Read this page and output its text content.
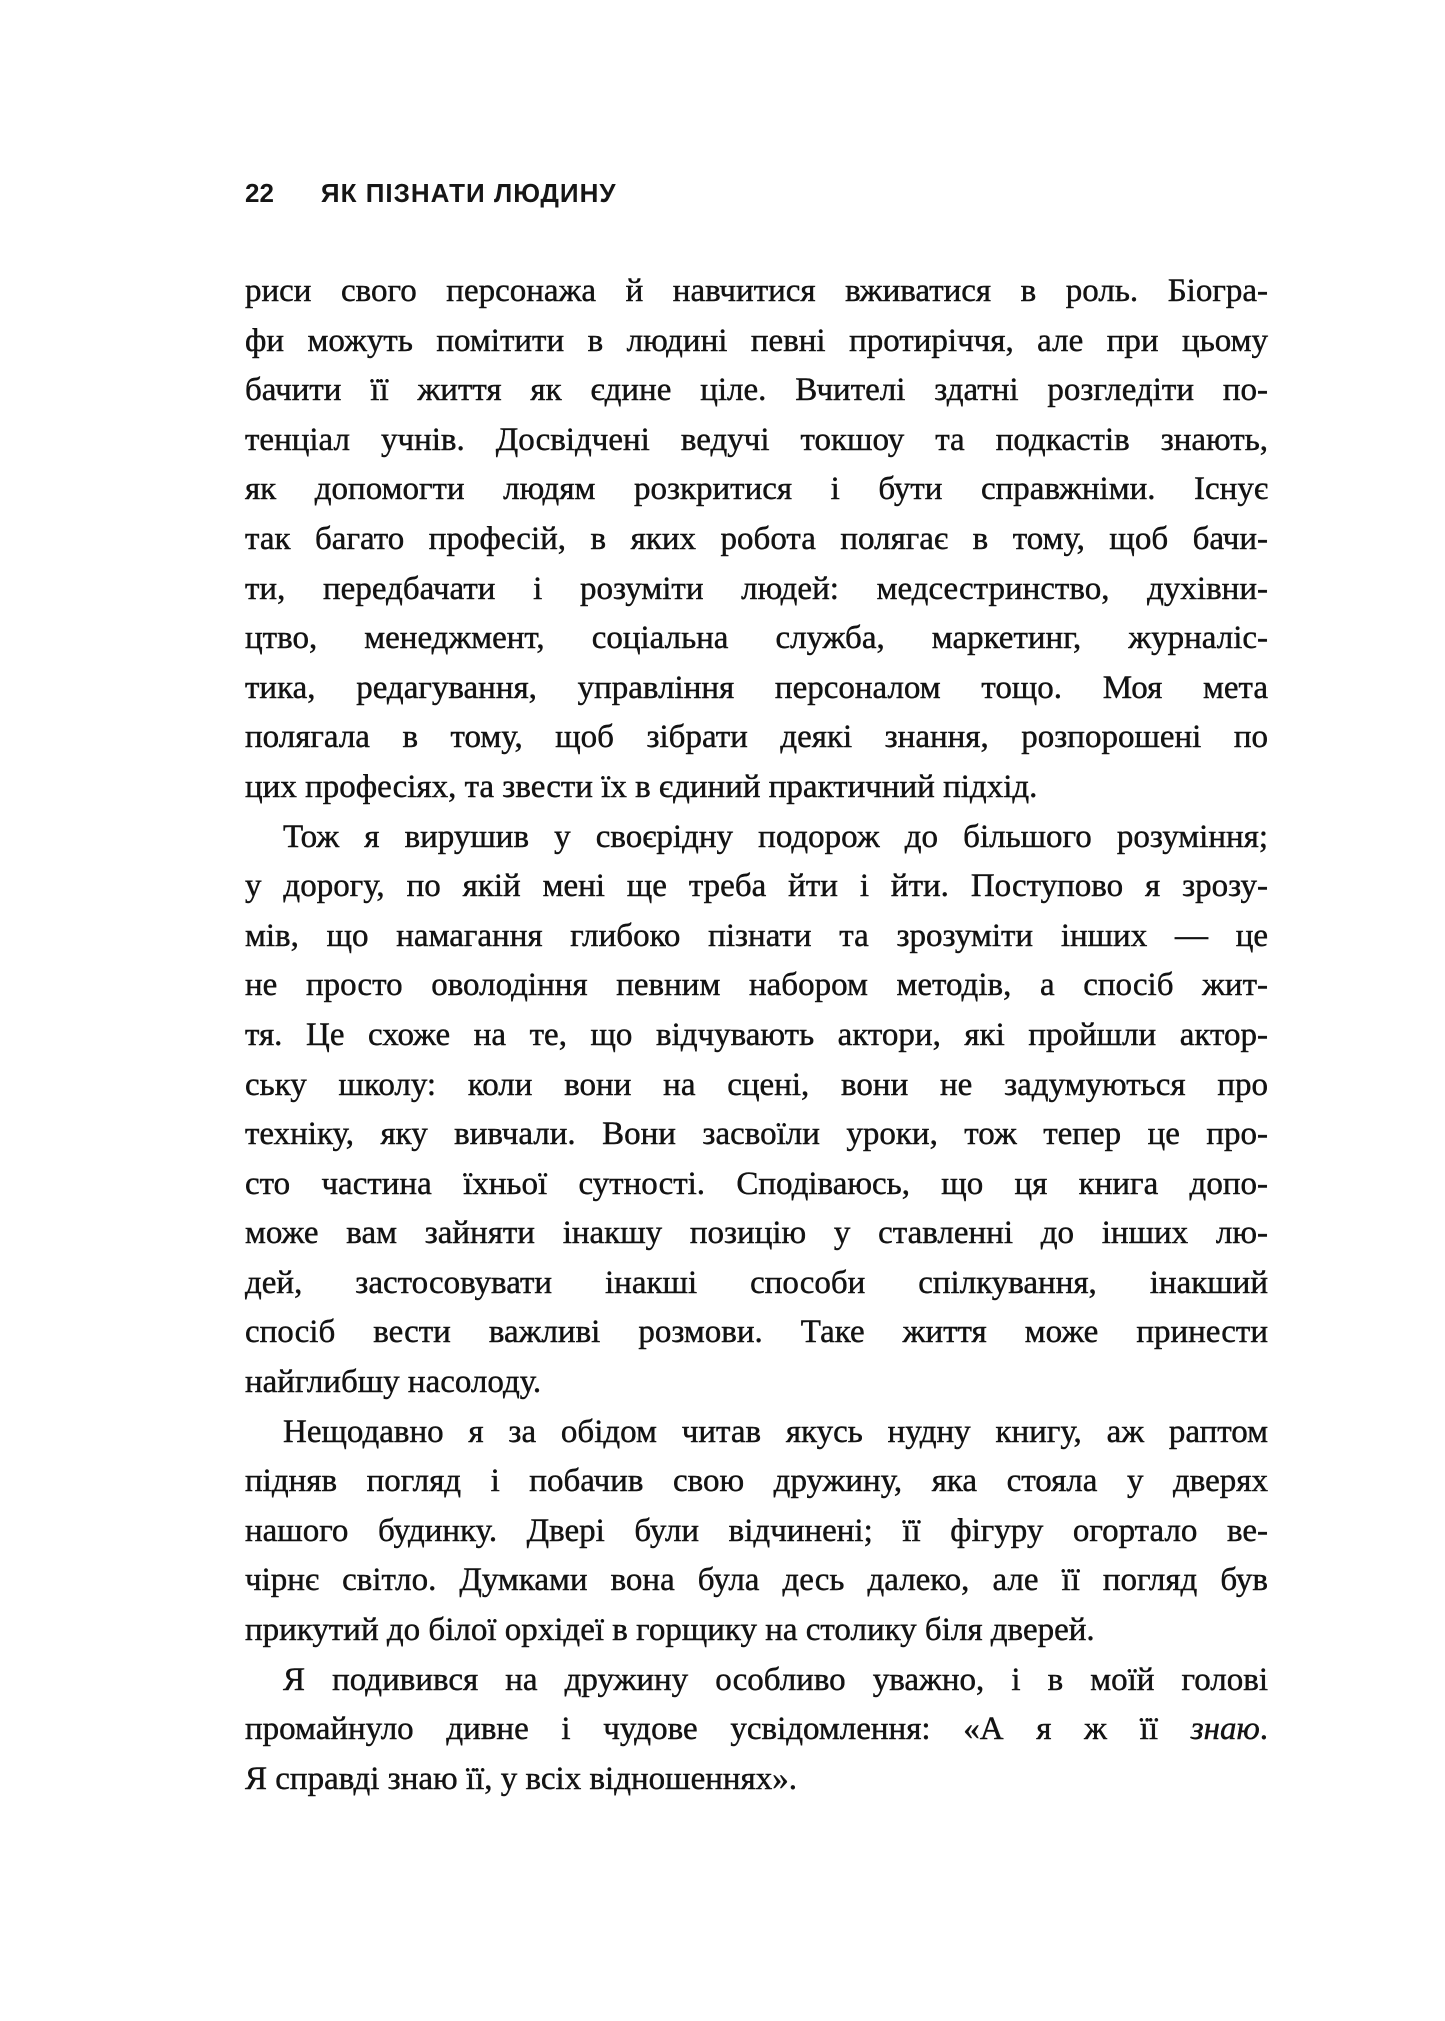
22 ЯК ПІЗНАТИ ЛЮДИНУ
риси свого персонажа й навчитися вживатися в роль. Біогра-
фи можуть помітити в людині певні протиріччя, але при цьому
бачити її життя як єдине ціле. Вчителі здатні розгледіти по-
тенціал учнів. Досвідчені ведучі токшоу та подкастів знають,
як допомогти людям розкритися і бути справжніми. Існує
так багато професій, в яких робота полягає в тому, щоб бачи-
ти, передбачати і розуміти людей: медсестринство, духівни-
цтво, менеджмент, соціальна служба, маркетинг, журналіс-
тика, редагування, управління персоналом тощо. Моя мета
полягала в тому, щоб зібрати деякі знання, розпорошені по
цих професіях, та звести їх в єдиний практичний підхід.
Тож я вирушив у своєрідну подорож до більшого розуміння;
у дорогу, по якій мені ще треба йти і йти. Поступово я зрозу-
мів, що намагання глибоко пізнати та зрозуміти інших — це
не просто оволодіння певним набором методів, а спосіб жит-
тя. Це схоже на те, що відчувають актори, які пройшли актор-
ську школу: коли вони на сцені, вони не задумуються про
техніку, яку вивчали. Вони засвоїли уроки, тож тепер це про-
сто частина їхньої сутності. Сподіваюсь, що ця книга допо-
може вам зайняти інакшу позицію у ставленні до інших лю-
дей, застосовувати інакші способи спілкування, інакший
спосіб вести важливі розмови. Таке життя може принести
найглибшу насолоду.
Нещодавно я за обідом читав якусь нудну книгу, аж раптом
підняв погляд і побачив свою дружину, яка стояла у дверях
нашого будинку. Двері були відчинені; її фігуру огортало ве-
чірнє світло. Думками вона була десь далеко, але її погляд був
прикутий до білої орхідеї в горщику на столику біля дверей.
Я подивився на дружину особливо уважно, і в моїй голові
промайнуло дивне і чудове усвідомлення: «А я ж її знаю.
Я справді знаю її, у всіх відношеннях».
